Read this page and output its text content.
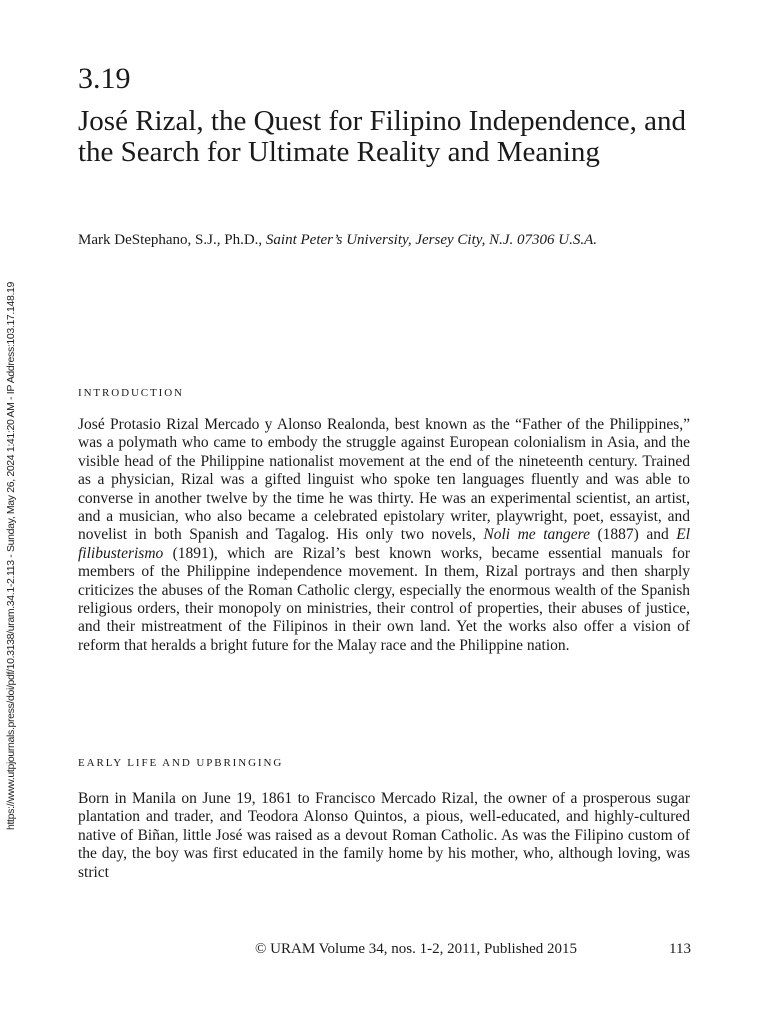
https://www.utpjournals.press/doi/pdf/10.3138/uram.34.1-2.113 - Sunday, May 26, 2024 1:41:20 AM - IP Address:103.17.148.19
3.19
José Rizal, the Quest for Filipino Independence, and the Search for Ultimate Reality and Meaning

Mark DeStephano, S.J., Ph.D., Saint Peter’s University, Jersey City, N.J. 07306 U.S.A.

INTRODUCTION

José Protasio Rizal Mercado y Alonso Realonda, best known as the “Father of the Philippines,” was a polymath who came to embody the struggle against European colonialism in Asia, and the visible head of the Philippine nationalist movement at the end of the nineteenth century. Trained as a physician, Rizal was a gifted linguist who spoke ten languages fluently and was able to converse in another twelve by the time he was thirty. He was an experimental scientist, an artist, and a musician, who also became a celebrated epistolary writer, playwright, poet, essayist, and novelist in both Spanish and Tagalog. His only two novels, Noli me tangere (1887) and El filibusterismo (1891), which are Rizal’s best known works, became essential manuals for members of the Philippine independence movement. In them, Rizal portrays and then sharply criticizes the abuses of the Roman Catholic clergy, especially the enormous wealth of the Spanish religious orders, their monopoly on ministries, their control of properties, their abuses of justice, and their mistreatment of the Filipinos in their own land. Yet the works also offer a vision of reform that heralds a bright future for the Malay race and the Philippine nation.

EARLY LIFE AND UPBRINGING

Born in Manila on June 19, 1861 to Francisco Mercado Rizal, the owner of a prosperous sugar plantation and trader, and Teodora Alonso Quintos, a pious, well-educated, and highly-cultured native of Biñan, little José was raised as a devout Roman Catholic. As was the Filipino custom of the day, the boy was first educated in the family home by his mother, who, although loving, was strict

© URAM Volume 34, nos. 1-2, 2011, Published 2015	113
